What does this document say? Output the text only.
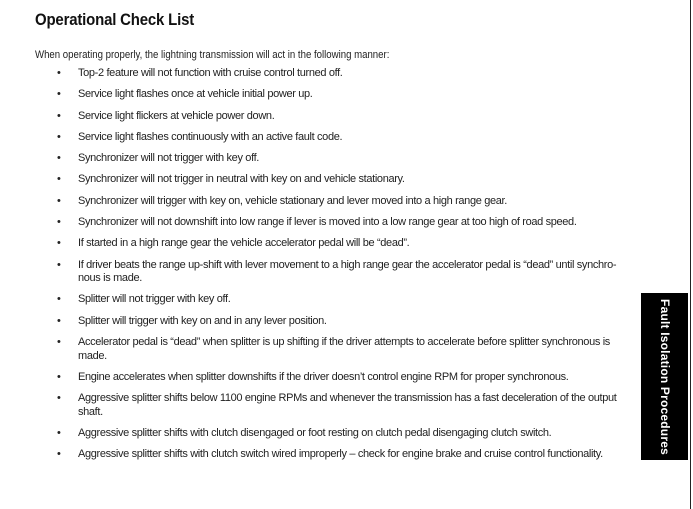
Operational Check List
When operating properly, the lightning transmission will act in the following manner:
• Top-2 feature will not function with cruise control turned off.
• Service light flashes once at vehicle initial power up.
• Service light flickers at vehicle power down.
• Service light flashes continuously with an active fault code.
• Synchronizer will not trigger with key off.
• Synchronizer will not trigger in neutral with key on and vehicle stationary.
• Synchronizer will trigger with key on, vehicle stationary and lever moved into a high range gear.
• Synchronizer will not downshift into low range if lever is moved into a low range gear at too high of road speed.
• If started in a high range gear the vehicle accelerator pedal will be “dead”.
• If driver beats the range up-shift with lever movement to a high range gear the accelerator pedal is “dead” until synchro-nous is made.
• Splitter will not trigger with key off.
• Splitter will trigger with key on and in any lever position.
• Accelerator pedal is “dead” when splitter is up shifting if the driver attempts to accelerate before splitter synchronous is made.
• Engine accelerates when splitter downshifts if the driver doesn’t control engine RPM for proper synchronous.
• Aggressive splitter shifts below 1100 engine RPMs and whenever the transmission has a fast deceleration of the output shaft.
• Aggressive splitter shifts with clutch disengaged or foot resting on clutch pedal disengaging clutch switch.
• Aggressive splitter shifts with clutch switch wired improperly – check for engine brake and cruise control functionality.	Fault Isolation Procedures
